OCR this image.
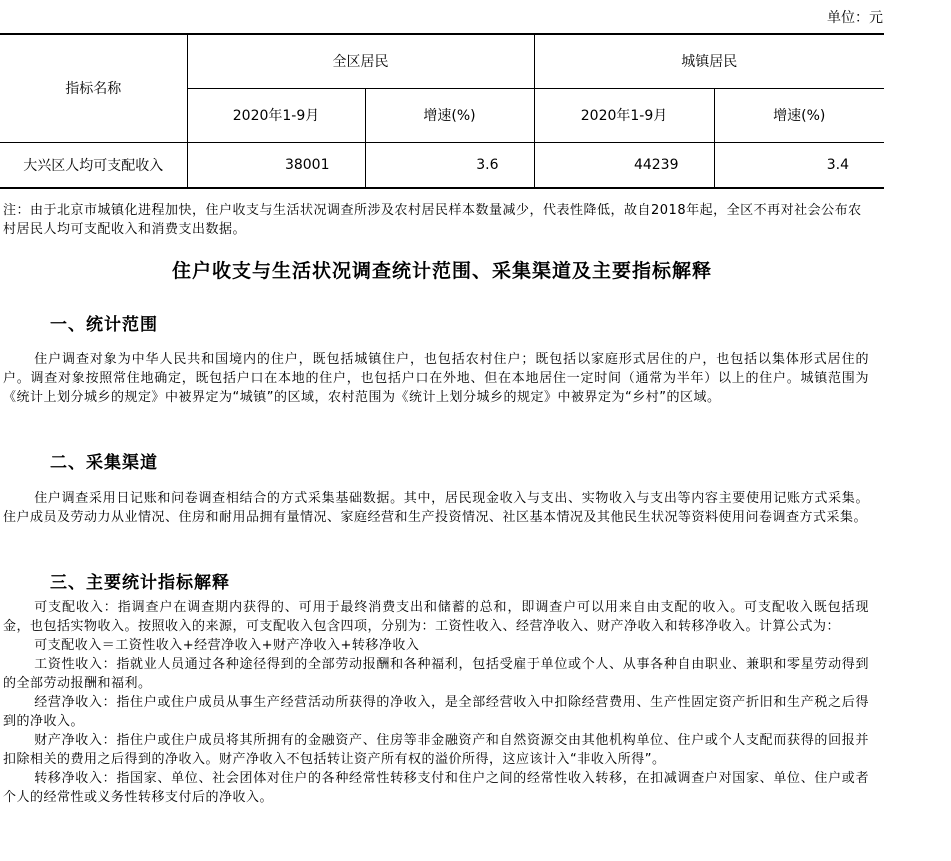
单位：元
指标名称	全区居民		城镇居民	
	2020年1-9月	增速(%)	2020年1-9月	增速(%)
大兴区人均可支配收入	38001	3.6	44239	3.4
注：由于北京市城镇化进程加快，住户收支与生活状况调查所涉及农村居民样本数量减少，代表性降低，故自2018年起，全区不再对社会公布农村居民人均可支配收入和消费支出数据。
住户收支与生活状况调查统计范围、采集渠道及主要指标解释
一、统计范围
住户调查对象为中华人民共和国境内的住户，既包括城镇住户，也包括农村住户；既包括以家庭形式居住的户，也包括以集体形式居住的户。调查对象按照常住地确定，既包括户口在本地的住户，也包括户口在外地、但在本地居住一定时间（通常为半年）以上的住户。城镇范围为《统计上划分城乡的规定》中被界定为“城镇”的区域，农村范围为《统计上划分城乡的规定》中被界定为“乡村”的区域。
二、采集渠道
住户调查采用日记账和问卷调查相结合的方式采集基础数据。其中，居民现金收入与支出、实物收入与支出等内容主要使用记账方式采集。住户成员及劳动力从业情况、住房和耐用品拥有量情况、家庭经营和生产投资情况、社区基本情况及其他民生状况等资料使用问卷调查方式采集。
三、主要统计指标解释

可支配收入：指调查户在调查期内获得的、可用于最终消费支出和储蓄的总和，即调查户可以用来自由支配的收入。可支配收入既包括现金，也包括实物收入。按照收入的来源，可支配收入包含四项，分别为：工资性收入、经营净收入、财产净收入和转移净收入。计算公式为：

可支配收入＝工资性收入+经营净收入+财产净收入+转移净收入

工资性收入：指就业人员通过各种途径得到的全部劳动报酬和各种福利，包括受雇于单位或个人、从事各种自由职业、兼职和零星劳动得到的全部劳动报酬和福利。

经营净收入：指住户或住户成员从事生产经营活动所获得的净收入，是全部经营收入中扣除经营费用、生产性固定资产折旧和生产税之后得到的净收入。

财产净收入：指住户或住户成员将其所拥有的金融资产、住房等非金融资产和自然资源交由其他机构单位、住户或个人支配而获得的回报并扣除相关的费用之后得到的净收入。财产净收入不包括转让资产所有权的溢价所得，这应该计入“非收入所得”。

转移净收入：指国家、单位、社会团体对住户的各种经常性转移支付和住户之间的经常性收入转移，在扣减调查户对国家、单位、住户或者个人的经常性或义务性转移支付后的净收入。
